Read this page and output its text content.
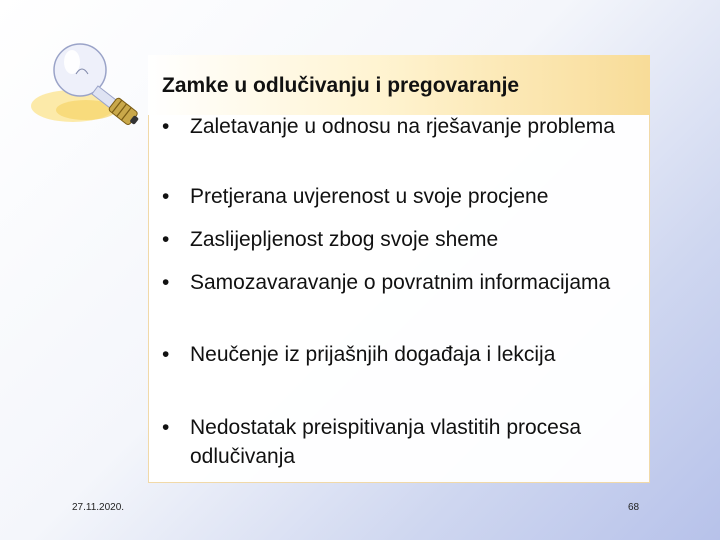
Zamke u odlučivanju i pregovaranje
• Zaletavanje u odnosu na rješavanje problema
• Pretjerana uvjerenost u svoje procjene
• Zaslijepljenost zbog svoje sheme
• Samozavaravanje o povratnim informacijama
• Neučenje iz prijašnjih događaja i lekcija
• Nedostatak preispitivanja vlastitih procesa odlučivanja
27.11.2020.	68
